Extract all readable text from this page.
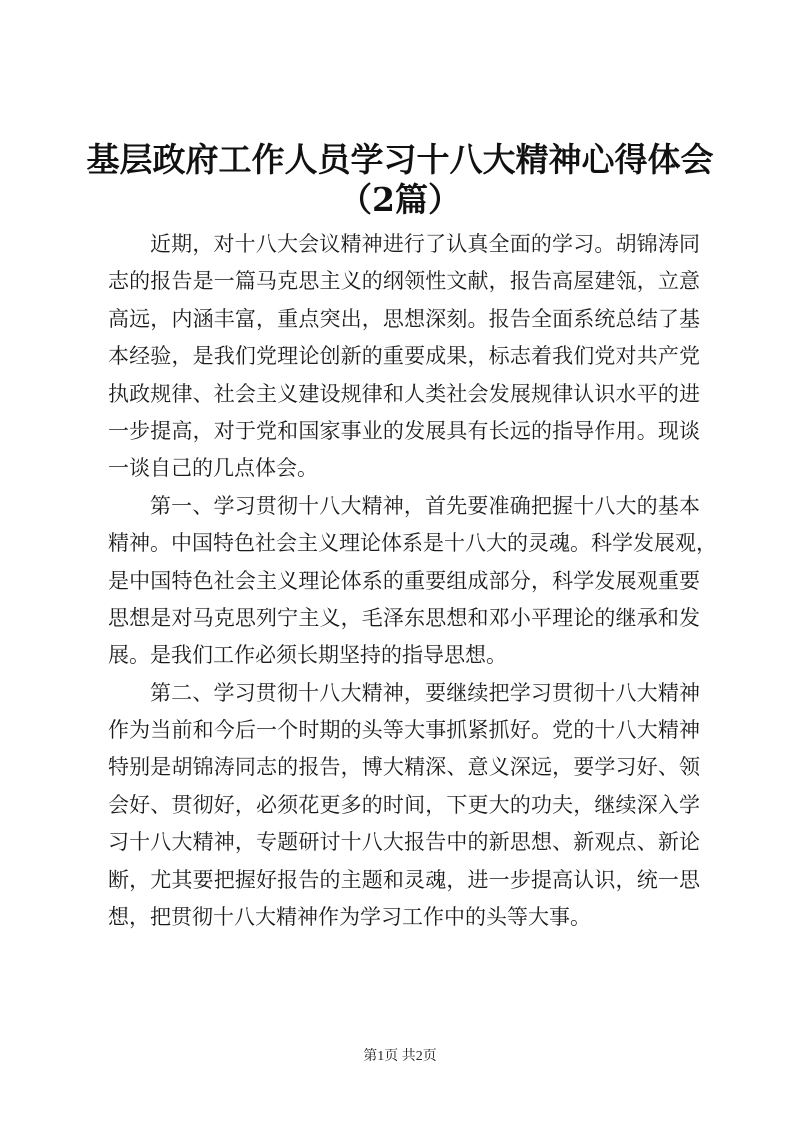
基层政府工作人员学习十八大精神心得体会
（2篇）
近期，对十八大会议精神进行了认真全面的学习。胡锦涛同
志的报告是一篇马克思主义的纲领性文献，报告高屋建瓴，立意
高远，内涵丰富，重点突出，思想深刻。报告全面系统总结了基
本经验，是我们党理论创新的重要成果，标志着我们党对共产党
执政规律、社会主义建设规律和人类社会发展规律认识水平的进
一步提高，对于党和国家事业的发展具有长远的指导作用。现谈
一谈自己的几点体会。
第一、学习贯彻十八大精神，首先要准确把握十八大的基本
精神。中国特色社会主义理论体系是十八大的灵魂。科学发展观，
是中国特色社会主义理论体系的重要组成部分，科学发展观重要
思想是对马克思列宁主义，毛泽东思想和邓小平理论的继承和发
展。是我们工作必须长期坚持的指导思想。
第二、学习贯彻十八大精神，要继续把学习贯彻十八大精神
作为当前和今后一个时期的头等大事抓紧抓好。党的十八大精神
特别是胡锦涛同志的报告，博大精深、意义深远，要学习好、领
会好、贯彻好，必须花更多的时间，下更大的功夫，继续深入学
习十八大精神，专题研讨十八大报告中的新思想、新观点、新论
断，尤其要把握好报告的主题和灵魂，进一步提高认识，统一思
想，把贯彻十八大精神作为学习工作中的头等大事。
第1页 共2页
